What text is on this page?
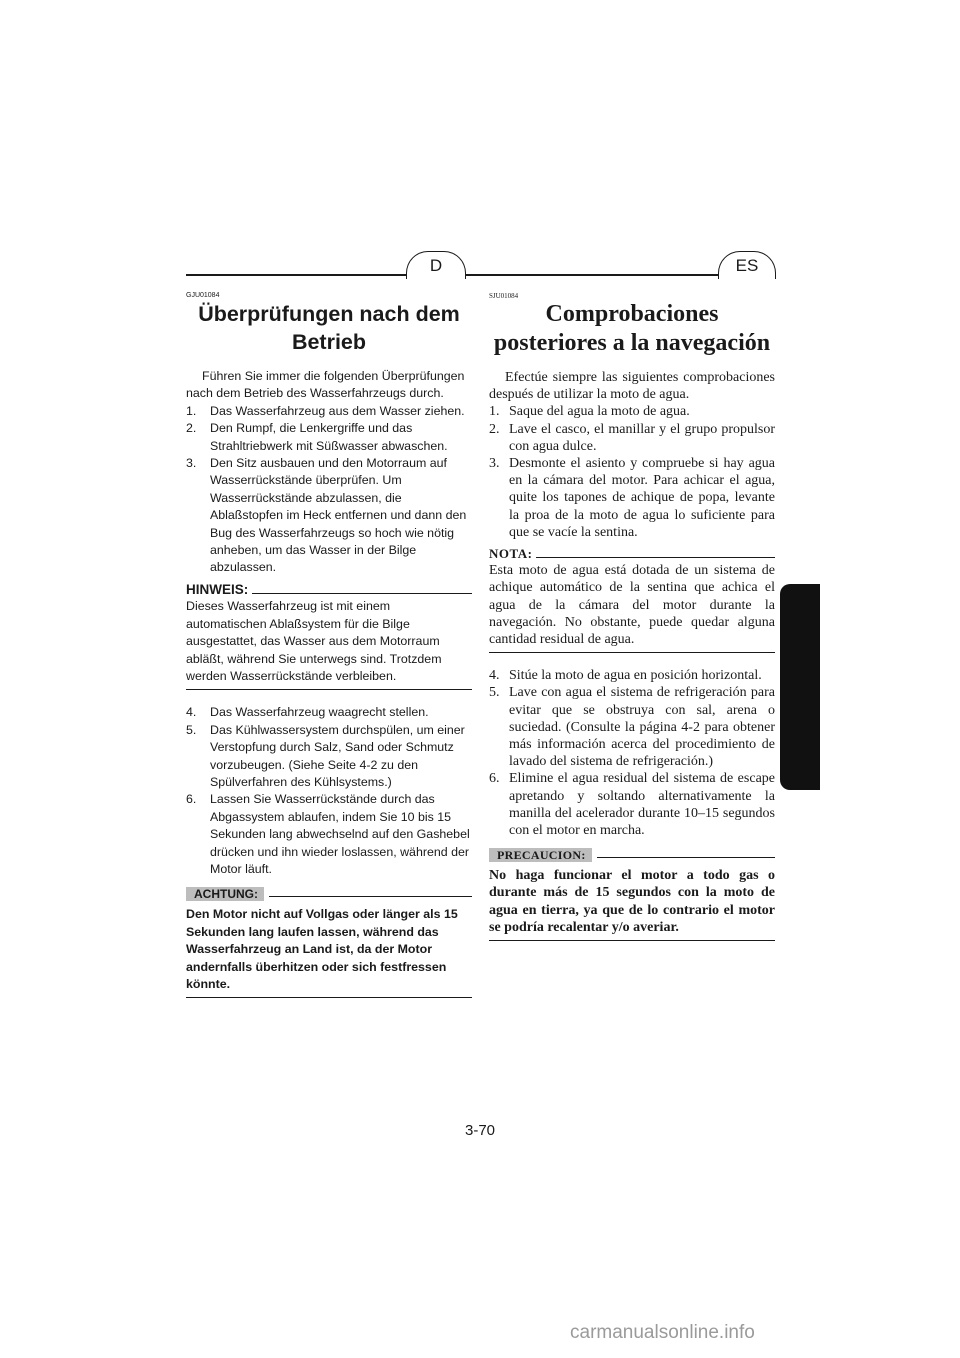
D	ES

GJU01084

Überprüfungen nach dem Betrieb

Führen Sie immer die folgenden Überprüfungen nach dem Betrieb des Wasserfahrzeugs durch.

1.	Das Wasserfahrzeug aus dem Wasser ziehen.
2.	Den Rumpf, die Lenkergriffe und das Strahltriebwerk mit Süßwasser abwaschen.
3.	Den Sitz ausbauen und den Motorraum auf Wasserrückstände überprüfen. Um Wasserrückstände abzulassen, die Ablaßstopfen im Heck entfernen und dann den Bug des Wasserfahrzeugs so hoch wie nötig anheben, um das Wasser in der Bilge abzulassen.
HINWEIS:

Dieses Wasserfahrzeug ist mit einem automatischen Ablaßsystem für die Bilge ausgestattet, das Wasser aus dem Motorraum abläßt, während Sie unterwegs sind. Trotzdem werden Wasserrückstände verbleiben.

4.	Das Wasserfahrzeug waagrecht stellen.
5.	Das Kühlwassersystem durchspülen, um einer Verstopfung durch Salz, Sand oder Schmutz vorzubeugen. (Siehe Seite 4-2 zu den Spülverfahren des Kühlsystems.)
6.	Lassen Sie Wasserrückstände durch das Abgassystem ablaufen, indem Sie 10 bis 15 Sekunden lang abwechselnd auf den Gashebel drücken und ihn wieder loslassen, während der Motor läuft.
ACHTUNG:

Den Motor nicht auf Vollgas oder länger als 15 Sekunden lang laufen lassen, während das Wasserfahrzeug an Land ist, da der Motor andernfalls überhitzen oder sich festfressen könnte.

SJU01084

Comprobaciones posteriores a la navegación

Efectúe siempre las siguientes comprobaciones después de utilizar la moto de agua.

1. Saque del agua la moto de agua.
2. Lave el casco, el manillar y el grupo propulsor con agua dulce.
3. Desmonte el asiento y compruebe si hay agua en la cámara del motor. Para achicar el agua, quite los tapones de achique de popa, levante la proa de la moto de agua lo suficiente para que se vacíe la sentina.
NOTA:

Esta moto de agua está dotada de un sistema de achique automático de la sentina que achica el agua de la cámara del motor durante la navegación. No obstante, puede quedar alguna cantidad residual de agua.

4. Sitúe la moto de agua en posición horizontal.
5. Lave con agua el sistema de refrigeración para evitar que se obstruya con sal, arena o suciedad. (Consulte la página 4-2 para obtener más información acerca del procedimiento de lavado del sistema de refrigeración.)
6. Elimine el agua residual del sistema de escape apretando y soltando alternativamente la manilla del acelerador durante 10–15 segundos con el motor en marcha.
PRECAUCION:

No haga funcionar el motor a todo gas o durante más de 15 segundos con la moto de agua en tierra, ya que de lo contrario el motor se podría recalentar y/o averiar.

3-70
carmanualsonline.info
